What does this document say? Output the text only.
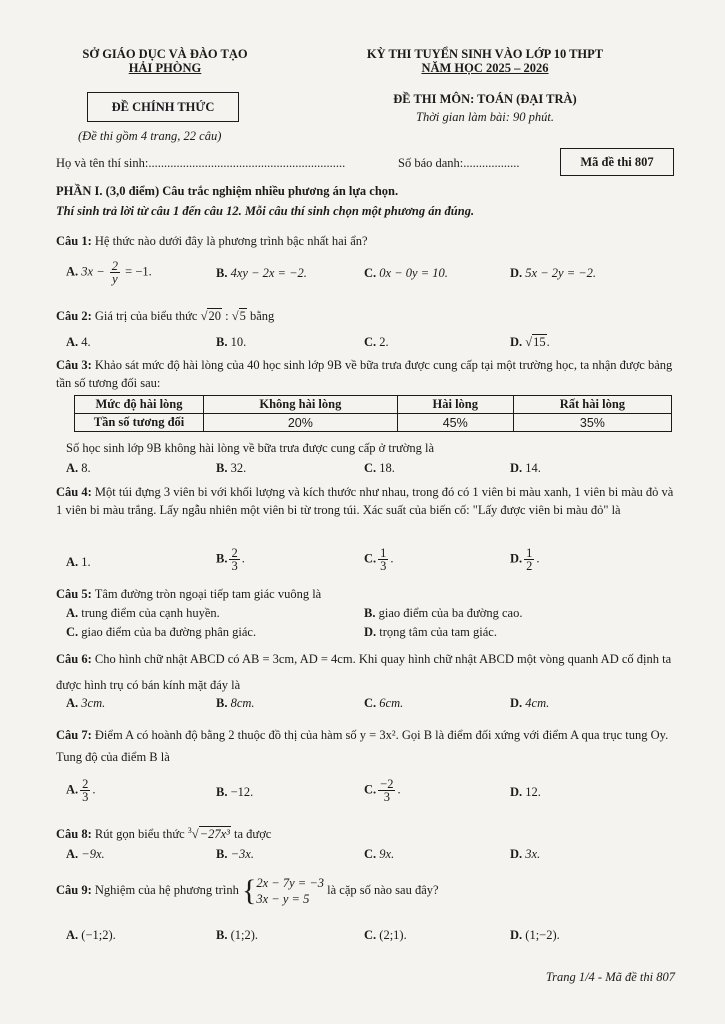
SỞ GIÁO DỤC VÀ ĐÀO TẠO
HẢI PHÒNG
KỲ THI TUYỂN SINH VÀO LỚP 10 THPT
NĂM HỌC 2025 – 2026
ĐỀ CHÍNH THỨC
ĐỀ THI MÔN: TOÁN (ĐẠI TRÀ)
Thời gian làm bài: 90 phút.
(Đề thi gồm 4 trang, 22 câu)
Họ và tên thí sinh:...............................................................	Số báo danh:..................	Mã đề thi 807
PHẦN I. (3,0 điểm) Câu trắc nghiệm nhiều phương án lựa chọn.
Thí sinh trả lời từ câu 1 đến câu 12. Mỗi câu thí sinh chọn một phương án đúng.
Câu 1: Hệ thức nào dưới đây là phương trình bậc nhất hai ẩn?
A. $3x - \frac{2}{y} = -1$.	B. 4xy − 2x = −2.	C. 0x − 0y = 10.	D. 5x − 2y = −2.
Câu 2: Giá trị của biểu thức √20 : √5 bằng
A. 4.	B. 10.	C. 2.	D. √15.
Câu 3: Khảo sát mức độ hài lòng của 40 học sinh lớp 9B về bữa trưa được cung cấp tại một trường học, ta nhận được bảng tần số tương đối sau:
Mức độ hài lòng	Không hài lòng	Hài lòng	Rất hài lòng
Tần số tương đối	20%	45%	35%
Số học sinh lớp 9B không hài lòng về bữa trưa được cung cấp ở trường là
A. 8.	B. 32.	C. 18.	D. 14.
Câu 4: Một túi đựng 3 viên bi với khối lượng và kích thước như nhau, trong đó có 1 viên bi màu xanh, 1 viên bi màu đỏ và 1 viên bi màu trắng. Lấy ngẫu nhiên một viên bi từ trong túi. Xác suất của biến cố: "Lấy được viên bi màu đỏ" là
A. 1.	B. $\frac{2}{3}$ .	C. $\frac{1}{3}$ .	D. $\frac{1}{2}$ .
Câu 5: Tâm đường tròn ngoại tiếp tam giác vuông là
A. trung điểm của cạnh huyền.	B. giao điểm của ba đường cao.
C. giao điểm của ba đường phân giác.	D. trọng tâm của tam giác.
Câu 6: Cho hình chữ nhật ABCD có AB = 3cm, AD = 4cm. Khi quay hình chữ nhật ABCD một vòng quanh AD cố định ta được hình trụ có bán kính mặt đáy là
A. 3cm.	B. 8cm.	C. 6cm.	D. 4cm.
Câu 7: Điểm A có hoành độ bằng 2 thuộc đồ thị của hàm số y = 3x². Gọi B là điểm đối xứng với điểm A qua trục tung Oy. Tung độ của điểm B là
A. $\frac{2}{3}$ .	B. −12.	C. $\frac{-2}{3}$ .	D. 12.
Câu 8: Rút gọn biểu thức $^3$√−27x³ ta được
A. −9x.	B. −3x.	C. 9x.	D. 3x.
Câu 9: Nghiệm của hệ phương trình { 2x − 7y = −3
3x − y = 5
là cặp số nào sau đây?
A. (−1;2).	B. (1;2).	C. (2;1).	D. (1;−2).
Trang 1/4 - Mã đề thi 807
